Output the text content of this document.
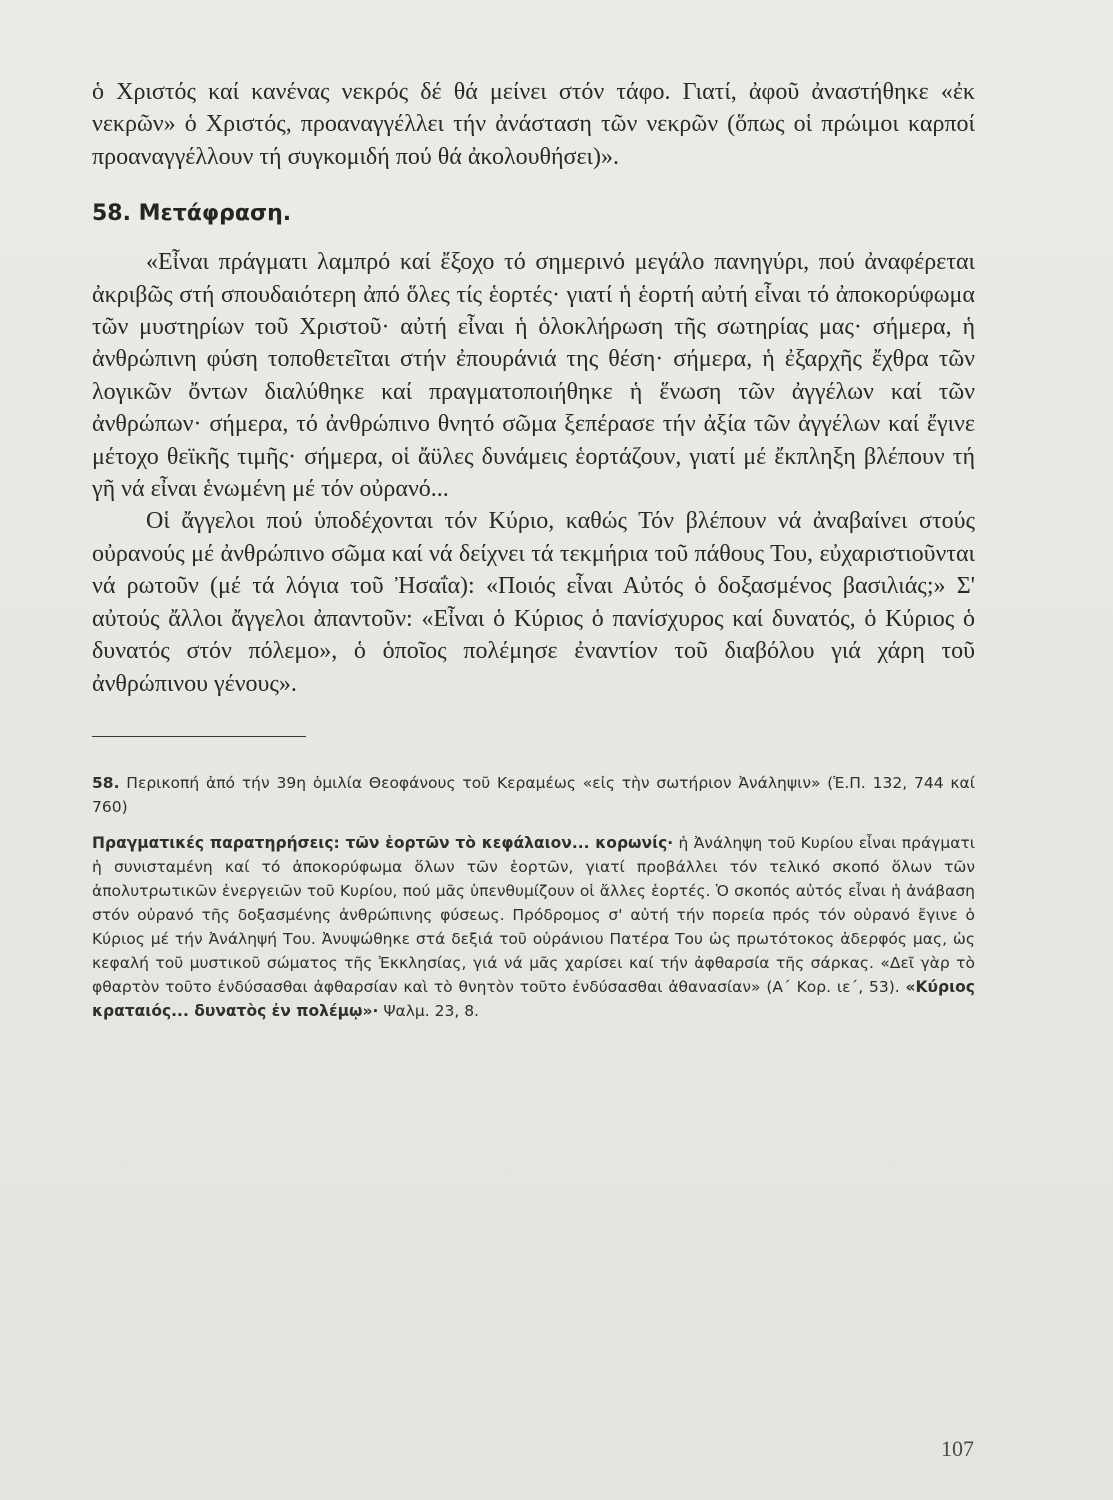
ὁ Χριστός καί κανένας νεκρός δέ θά μείνει στόν τάφο. Γιατί, ἀφοῦ ἀναστήθηκε «ἐκ νεκρῶν» ὁ Χριστός, προαναγγέλλει τήν ἀνάσταση τῶν νεκρῶν (ὅπως οἱ πρώιμοι καρποί προαναγγέλλουν τή συγκομιδή πού θά ἀκολουθήσει)».

58. Μετάφραση.

«Εἶναι πράγματι λαμπρό καί ἔξοχο τό σημερινό μεγάλο πανηγύρι, πού ἀναφέρεται ἀκριβῶς στή σπουδαιότερη ἀπό ὅλες τίς ἑορτές· γιατί ἡ ἑορτή αὐτή εἶναι τό ἀποκορύφωμα τῶν μυστηρίων τοῦ Χριστοῦ· αὐτή εἶναι ἡ ὁλοκλήρωση τῆς σωτηρίας μας· σήμερα, ἡ ἀνθρώπινη φύση τοποθετεῖται στήν ἐπουράνιά της θέση· σήμερα, ἡ ἐξαρχῆς ἔχθρα τῶν λογικῶν ὄντων διαλύθηκε καί πραγματοποιήθηκε ἡ ἕνωση τῶν ἀγγέλων καί τῶν ἀνθρώπων· σήμερα, τό ἀνθρώπινο θνητό σῶμα ξεπέρασε τήν ἀξία τῶν ἀγγέλων καί ἔγινε μέτοχο θεϊκῆς τιμῆς· σήμερα, οἱ ἄϋλες δυνάμεις ἑορτάζουν, γιατί μέ ἔκπληξη βλέπουν τή γῆ νά εἶναι ἑνωμένη μέ τόν οὐρανό...

Οἱ ἄγγελοι πού ὑποδέχονται τόν Κύριο, καθώς Τόν βλέπουν νά ἀναβαίνει στούς οὐρανούς μέ ἀνθρώπινο σῶμα καί νά δείχνει τά τεκμήρια τοῦ πάθους Του, εὐχαριστιοῦνται νά ρωτοῦν (μέ τά λόγια τοῦ Ἠσαΐα): «Ποιός εἶναι Αὐτός ὁ δοξασμένος βασιλιάς;» Σ' αὐτούς ἄλλοι ἄγγελοι ἀπαντοῦν: «Εἶναι ὁ Κύριος ὁ πανίσχυρος καί δυνατός, ὁ Κύριος ὁ δυνατός στόν πόλεμο», ὁ ὁποῖος πολέμησε ἐναντίον τοῦ διαβόλου γιά χάρη τοῦ ἀνθρώπινου γένους».

58. Περικοπή ἀπό τήν 39η ὁμιλία Θεοφάνους τοῦ Κεραμέως «εἰς τὴν σωτήριον Ἀνάληψιν» (Ἑ.Π. 132, 744 καί 760)

Πραγματικές παρατηρήσεις: τῶν ἑορτῶν τὸ κεφάλαιον... κορωνίς· ἡ Ἀνάληψη τοῦ Κυρίου εἶναι πράγματι ἡ συνισταμένη καί τό ἀποκορύφωμα ὅλων τῶν ἑορτῶν, γιατί προβάλλει τόν τελικό σκοπό ὅλων τῶν ἀπολυτρωτικῶν ἐνεργειῶν τοῦ Κυρίου, πού μᾶς ὑπενθυμίζουν οἱ ἄλλες ἑορτές. Ὁ σκοπός αὐτός εἶναι ἡ ἀνάβαση στόν οὐρανό τῆς δοξασμένης ἀνθρώπινης φύσεως. Πρόδρομος σ' αὐτή τήν πορεία πρός τόν οὐρανό ἔγινε ὁ Κύριος μέ τήν Ἀνάληψή Του. Ἀνυψώθηκε στά δεξιά τοῦ οὐράνιου Πατέρα Του ὡς πρωτότοκος ἀδερφός μας, ὡς κεφαλή τοῦ μυστικοῦ σώματος τῆς Ἐκκλησίας, γιά νά μᾶς χαρίσει καί τήν ἀφθαρσία τῆς σάρκας. «Δεῖ γὰρ τὸ φθαρτὸν τοῦτο ἐνδύσασθαι ἀφθαρσίαν καὶ τὸ θνητὸν τοῦτο ἐνδύσασθαι ἀθανασίαν» (Α΄ Κορ. ιε΄, 53). «Κύριος κραταιός... δυνατὸς ἐν πολέμῳ»· Ψαλμ. 23, 8.

107
